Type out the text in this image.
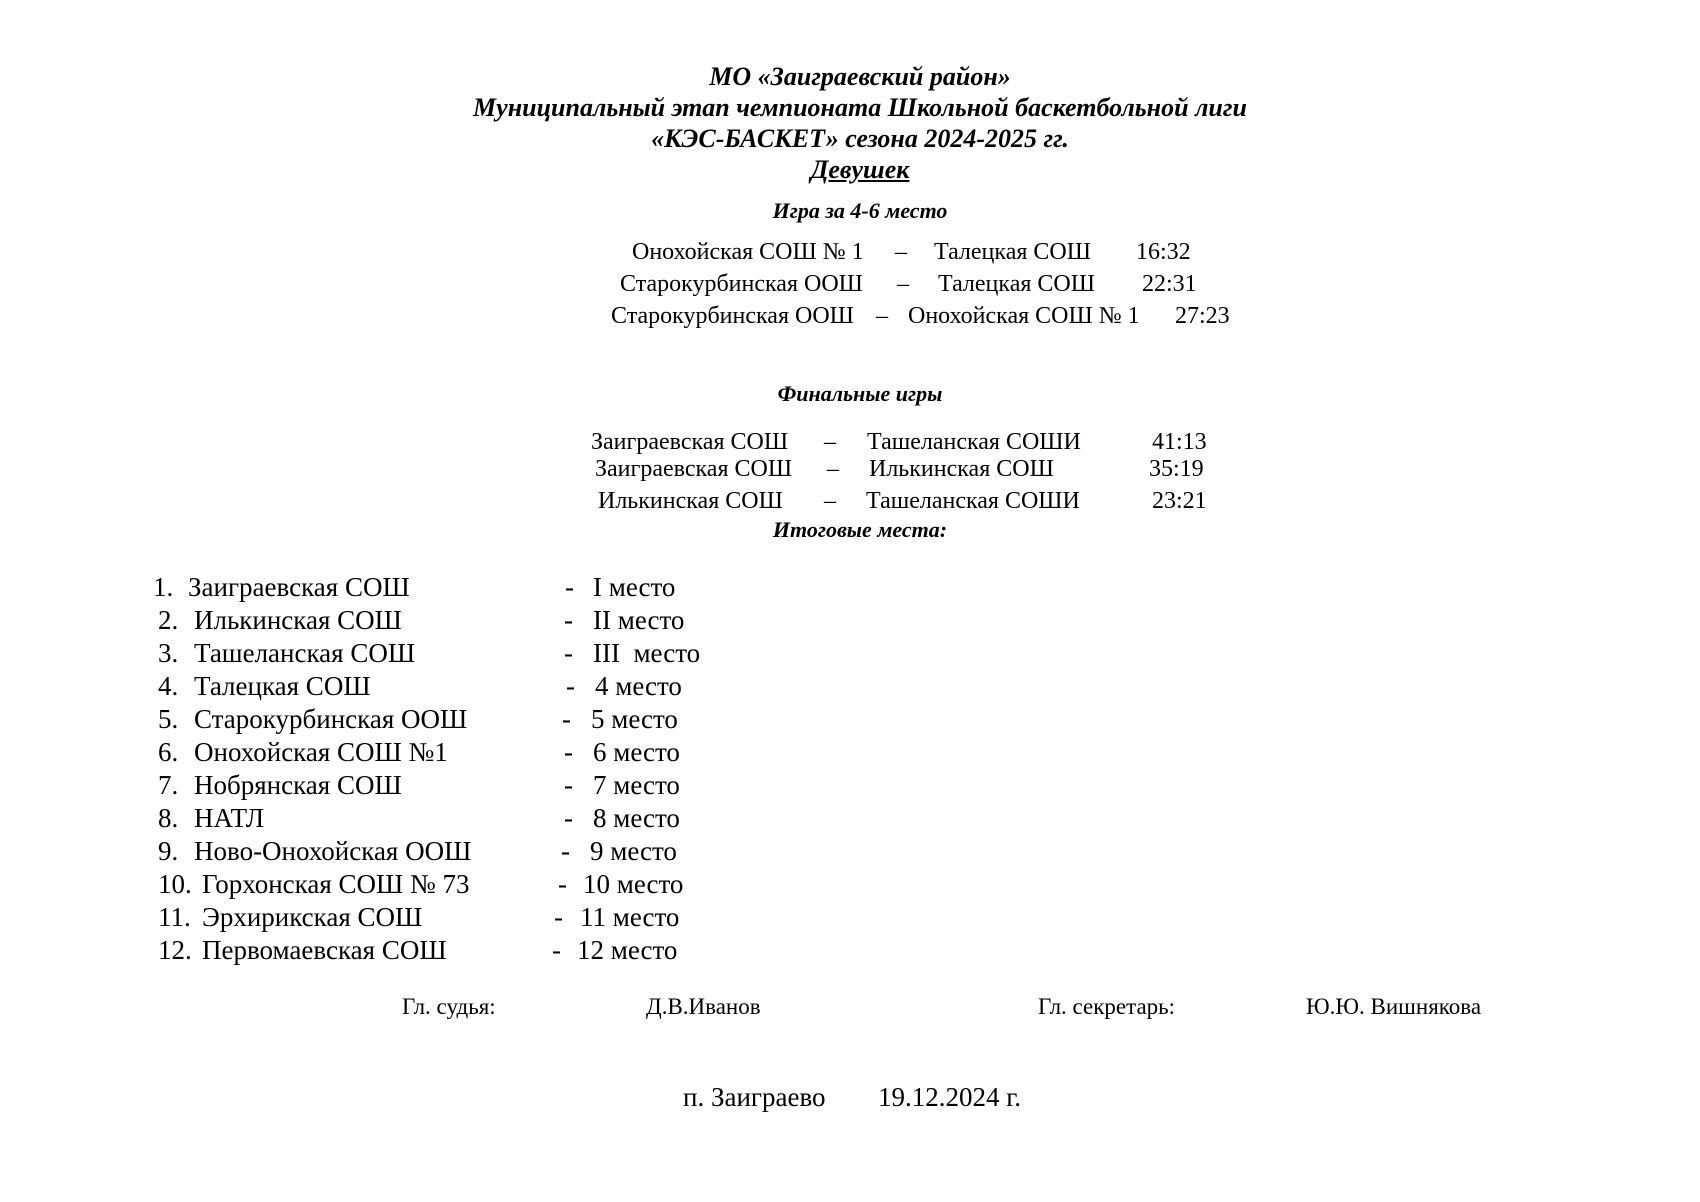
МО «Заиграевский район»
Муниципальный этап чемпионата Школьной баскетбольной лиги
«КЭС-БАСКЕТ» сезона 2024-2025 гг.
Девушек
Игра за 4-6 место
Онохойская СОШ № 1 – Талецкая СОШ 16:32
Старокурбинская ООШ – Талецкая СОШ 22:31
Старокурбинская ООШ – Онохойская СОШ № 1 27:23
Финальные игры
Заиграевская СОШ – Ташеланская СОШИ	41:13
Заиграевская СОШ – Илькинская СОШ	35:19
Илькинская СОШ – Ташеланская СОШИ	23:21
Итоговые места:
1. Заиграевская СОШ	- I место
2. Илькинская СОШ	- II место
3. Ташеланская СОШ	- III  место
4. Талецкая СОШ	- 4 место
5. Старокурбинская ООШ	- 5 место
6. Онохойская СОШ №1	- 6 место
7. Нобрянская СОШ	- 7 место
8. НАТЛ	- 8 место
9. Ново-Онохойская ООШ	- 9 место
10. Горхонская СОШ № 73	- 10 место
11. Эрхирикская СОШ	- 11 место
12. Первомаевская СОШ	- 12 место
Гл. судья:	Д.В.Иванов	Гл. секретарь:	Ю.Ю. Вишнякова
п. Заиграево 19.12.2024 г.
